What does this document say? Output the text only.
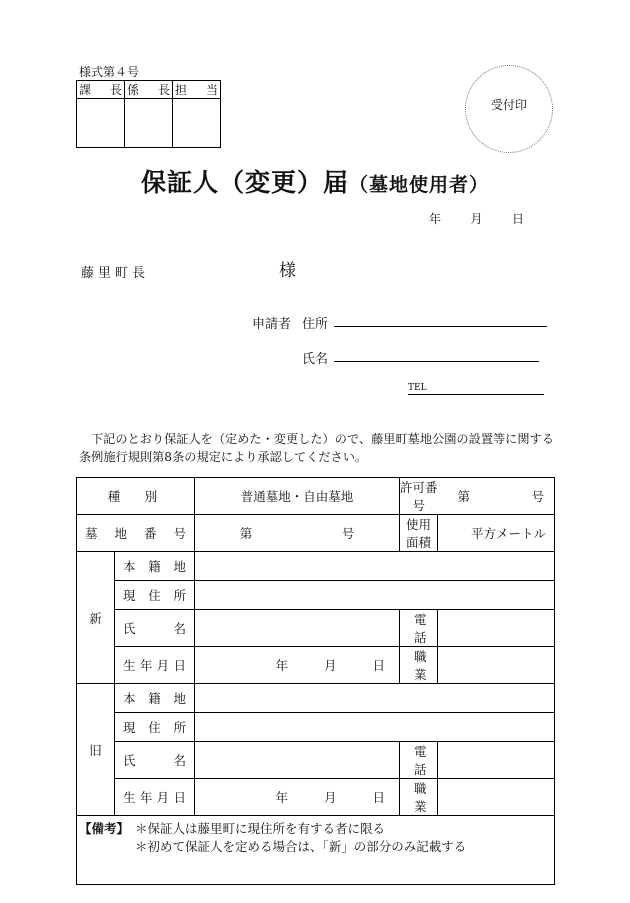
様式第４号
課　長	係　長	担　当

受付印
保証人（変更）届（墓地使用者）
年 月 日
藤里町長	様
申請者 住所
氏名
TEL
下記のとおり保証人を（定めた・変更した）ので、藤里町墓地公園の設置等に関する条例施行規則第8条の規定により承認してください。
種　別		普通墓地・自由墓地	許可番号	第 号

墓地番号		第 号	使用面積	平方メートル
新	本籍地			

	現住所			

	氏名		電話	

	生年月日	年 月 日	職業	

旧	本籍地			

	現住所			

	氏名		電話	

	生年月日	年 月 日	職業	

【備考】 ＊保証人は藤里町に現住所を有する者に限る
＊初めて保証人を定める場合は、「新」の部分のみ記載する				
